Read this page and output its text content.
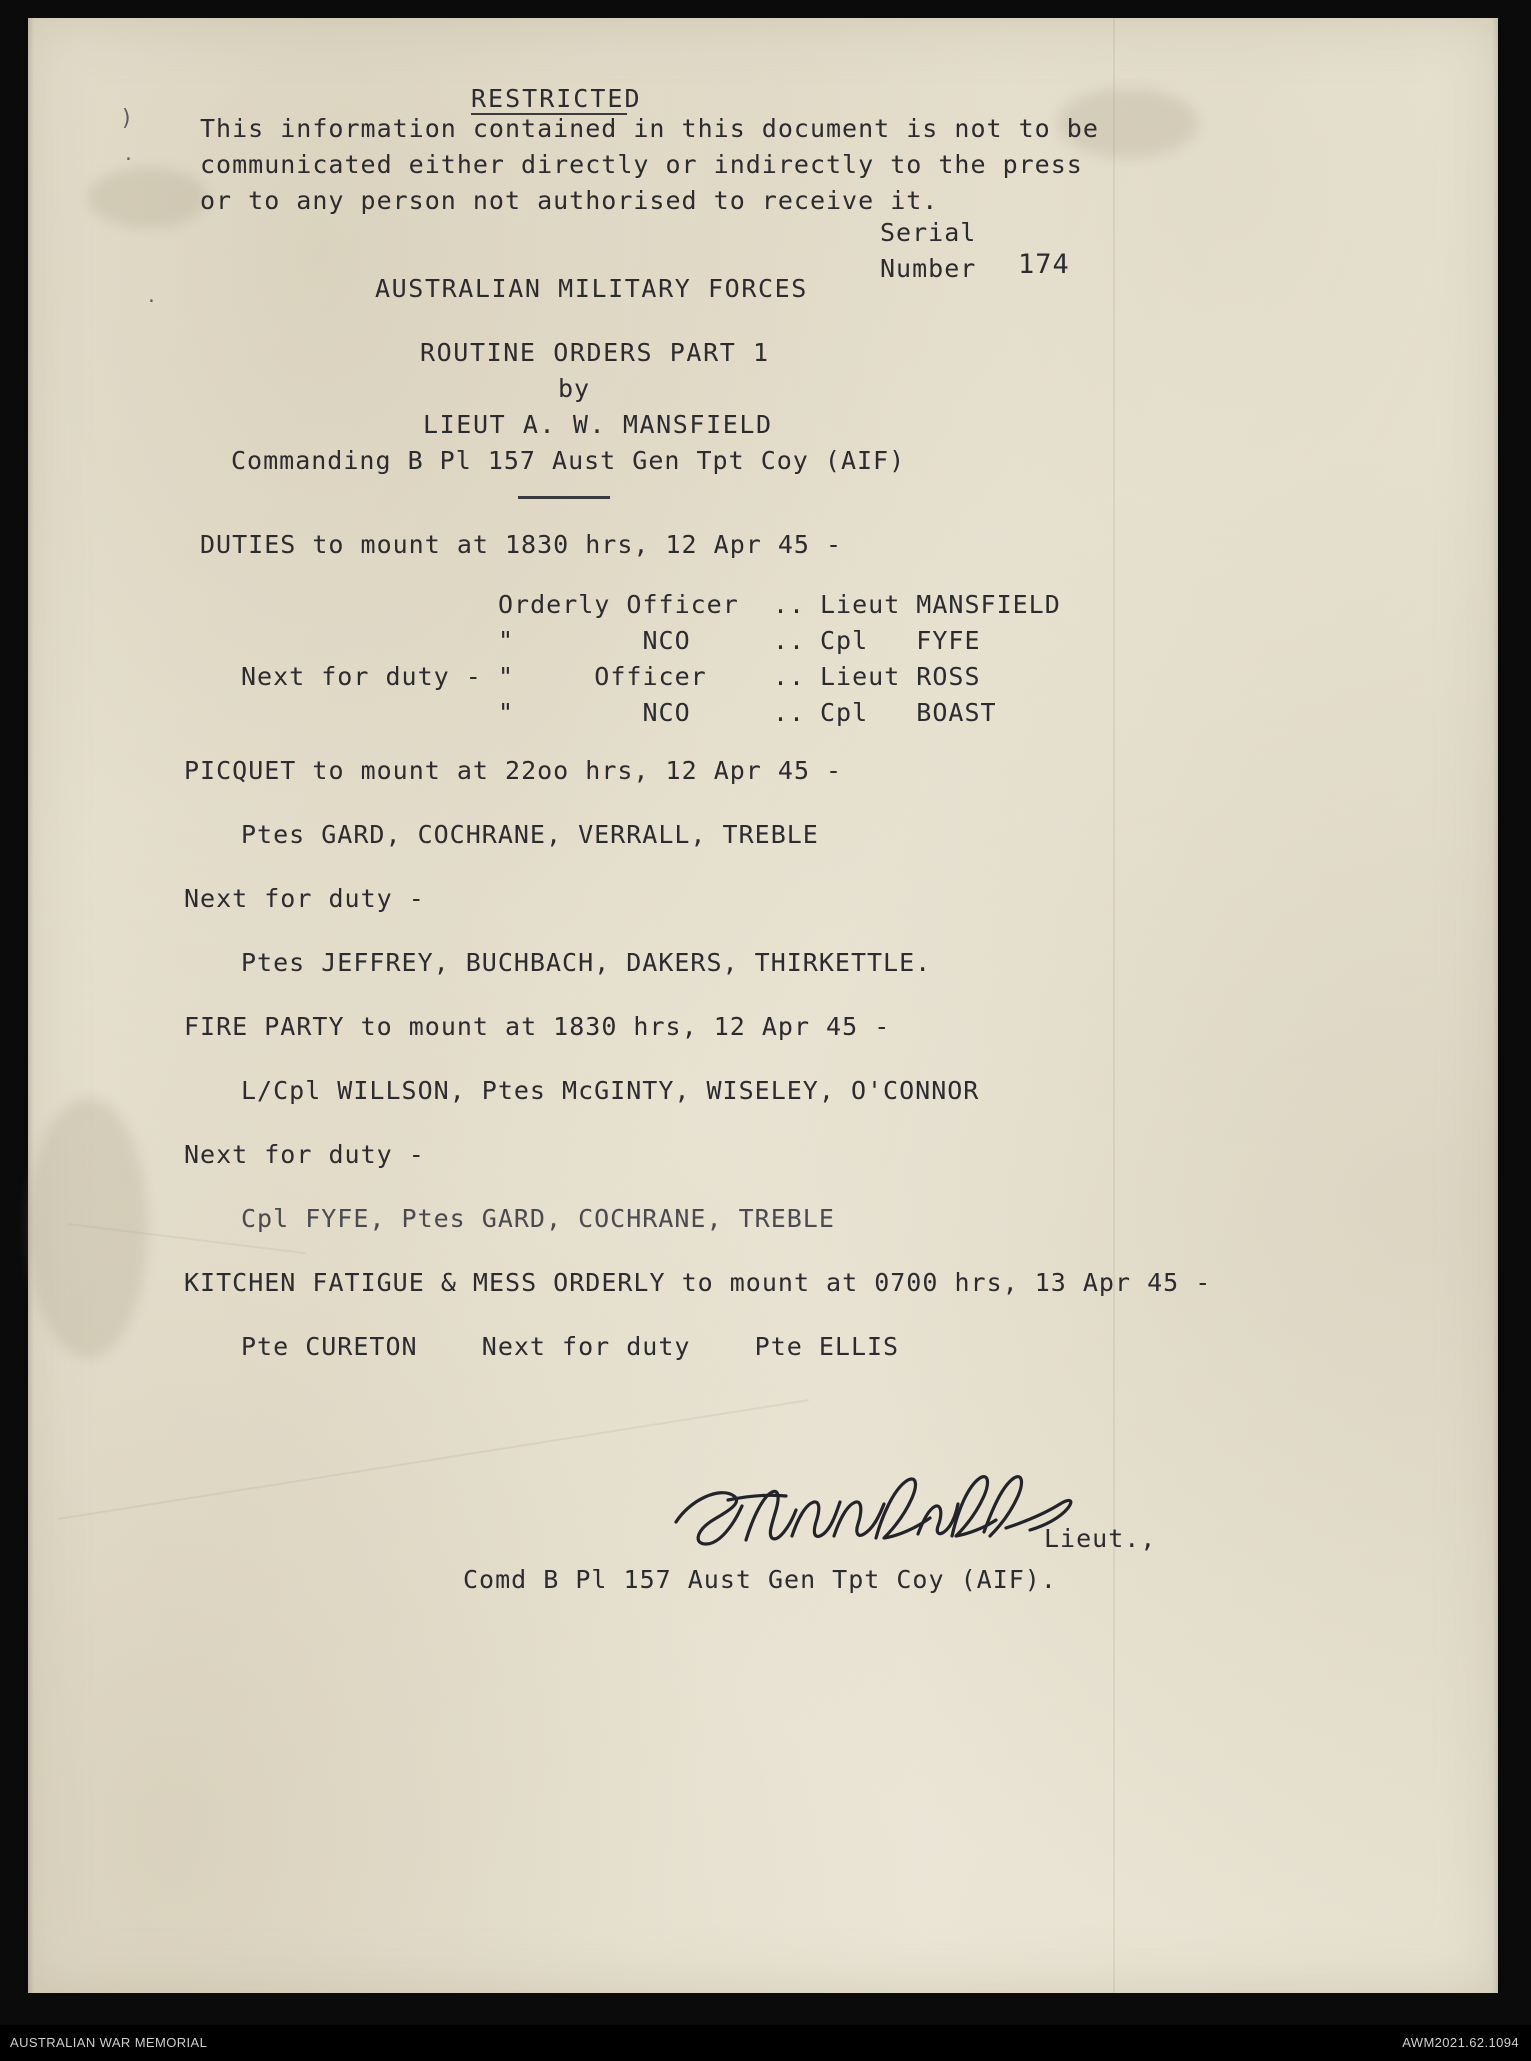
)
.
.
RESTRICTED
This information contained in this document is not to be
communicated either directly or indirectly to the press
or to any person not authorised to receive it.
Serial
Number 174
AUSTRALIAN MILITARY FORCES
ROUTINE ORDERS PART 1
by
LIEUT A. W. MANSFIELD
Commanding B Pl 157 Aust Gen Tpt Coy (AIF)
DUTIES to mount at 1830 hrs, 12 Apr 45 -
Orderly Officer .. Lieut MANSFIELD
"        NCO	.. Cpl   FYFE
Next for duty - "     Officer	.. Lieut ROSS
"        NCO	.. Cpl   BOAST
PICQUET to mount at 22oo hrs, 12 Apr 45 -
Ptes GARD, COCHRANE, VERRALL, TREBLE
Next for duty -
Ptes JEFFREY, BUCHBACH, DAKERS, THIRKETTLE.
FIRE PARTY to mount at 1830 hrs, 12 Apr 45 -
L/Cpl WILLSON, Ptes McGINTY, WISELEY, O'CONNOR
Next for duty -
Cpl FYFE, Ptes GARD, COCHRANE, TREBLE
KITCHEN FATIGUE & MESS ORDERLY to mount at 0700 hrs, 13 Apr 45 -
Pte CURETON    Next for duty    Pte ELLIS
Lieut.,
Comd B Pl 157 Aust Gen Tpt Coy (AIF).
AUSTRALIAN WAR MEMORIAL	AWM2021.62.1094
